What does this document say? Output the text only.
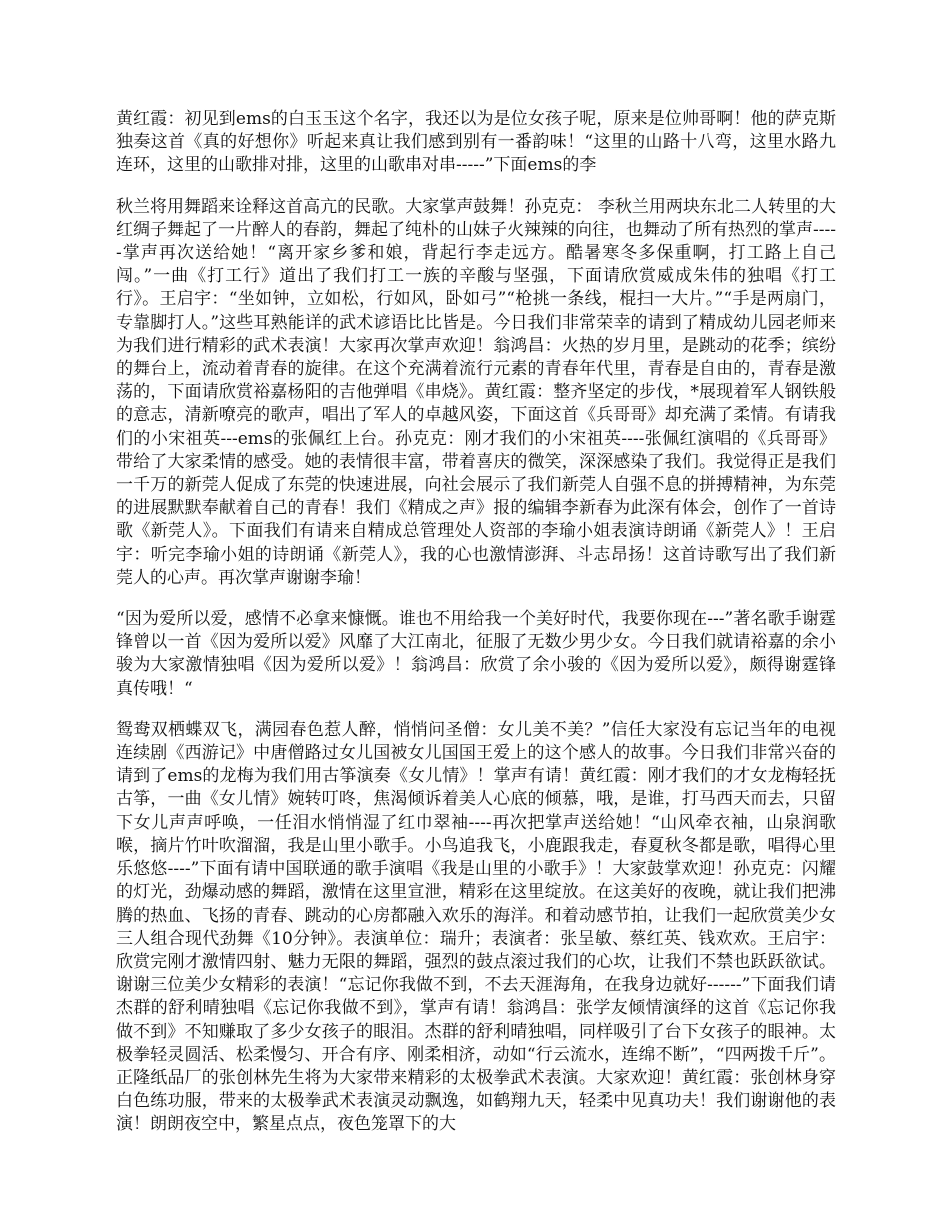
黄红霞：初见到ems的白玉玉这个名字，我还以为是位女孩子呢，原来是位帅哥啊！他的萨克斯独奏这首《真的好想你》听起来真让我们感到别有一番韵味！“这里的山路十八弯，这里水路九连环，这里的山歌排对排，这里的山歌串对串-----”下面ems的李

秋兰将用舞蹈来诠释这首高亢的民歌。大家掌声鼓舞！孙克克： 李秋兰用两块东北二人转里的大红绸子舞起了一片醉人的春韵，舞起了纯朴的山妹子火辣辣的向往，也舞动了所有热烈的掌声-----掌声再次送给她！“离开家乡爹和娘，背起行李走远方。酷暑寒冬多保重啊，打工路上自己闯。”一曲《打工行》道出了我们打工一族的辛酸与坚强，下面请欣赏威成朱伟的独唱《打工行》。王启宇：“坐如钟，立如松，行如风，卧如弓”“枪挑一条线，棍扫一大片。”“手是两扇门，专靠脚打人。”这些耳熟能详的武术谚语比比皆是。今日我们非常荣幸的请到了精成幼儿园老师来为我们进行精彩的武术表演！大家再次掌声欢迎！翁鸿昌：火热的岁月里，是跳动的花季；缤纷的舞台上，流动着青春的旋律。在这个充满着流行元素的青春年代里，青春是自由的，青春是激荡的，下面请欣赏裕嘉杨阳的吉他弹唱《串烧》。黄红霞：整齐坚定的步伐，*展现着军人钢铁般的意志，清新嘹亮的歌声，唱出了军人的卓越风姿，下面这首《兵哥哥》却充满了柔情。有请我们的小宋祖英---ems的张佩红上台。孙克克：刚才我们的小宋祖英----张佩红演唱的《兵哥哥》带给了大家柔情的感受。她的表情很丰富，带着喜庆的微笑，深深感染了我们。我觉得正是我们一千万的新莞人促成了东莞的快速进展，向社会展示了我们新莞人自强不息的拼搏精神，为东莞的进展默默奉献着自己的青春！我们《精成之声》报的编辑李新春为此深有体会，创作了一首诗歌《新莞人》。下面我们有请来自精成总管理处人资部的李瑜小姐表演诗朗诵《新莞人》！王启宇：听完李瑜小姐的诗朗诵《新莞人》，我的心也激情澎湃、斗志昂扬！这首诗歌写出了我们新莞人的心声。再次掌声谢谢李瑜！

“因为爱所以爱，感情不必拿来慷慨。谁也不用给我一个美好时代，我要你现在---”著名歌手谢霆锋曾以一首《因为爱所以爱》风靡了大江南北，征服了无数少男少女。今日我们就请裕嘉的余小骏为大家激情独唱《因为爱所以爱》！翁鸿昌：欣赏了余小骏的《因为爱所以爱》，颇得谢霆锋真传哦！“

鸳鸯双栖蝶双飞，满园春色惹人醉，悄悄问圣僧：女儿美不美？”信任大家没有忘记当年的电视连续剧《西游记》中唐僧路过女儿国被女儿国国王爱上的这个感人的故事。今日我们非常兴奋的请到了ems的龙梅为我们用古筝演奏《女儿情》！掌声有请！黄红霞：刚才我们的才女龙梅轻抚古筝，一曲《女儿情》婉转叮咚，焦渴倾诉着美人心底的倾慕，哦，是谁，打马西天而去，只留下女儿声声呼唤，一任泪水悄悄湿了红巾翠袖----再次把掌声送给她！“山风牵衣袖，山泉润歌喉，摘片竹叶吹溜溜，我是山里小歌手。小鸟追我飞，小鹿跟我走，春夏秋冬都是歌，唱得心里乐悠悠----”下面有请中国联通的歌手演唱《我是山里的小歌手》！大家鼓掌欢迎！孙克克：闪耀的灯光，劲爆动感的舞蹈，激情在这里宣泄，精彩在这里绽放。在这美好的夜晚，就让我们把沸腾的热血、飞扬的青春、跳动的心房都融入欢乐的海洋。和着动感节拍，让我们一起欣赏美少女三人组合现代劲舞《10分钟》。表演单位：瑞升；表演者：张呈敏、蔡红英、钱欢欢。王启宇：欣赏完刚才激情四射、魅力无限的舞蹈，强烈的鼓点滚过我们的心坎，让我们不禁也跃跃欲试。谢谢三位美少女精彩的表演！“忘记你我做不到，不去天涯海角，在我身边就好------”下面我们请杰群的舒利晴独唱《忘记你我做不到》，掌声有请！翁鸿昌：张学友倾情演绎的这首《忘记你我做不到》不知赚取了多少女孩子的眼泪。杰群的舒利晴独唱，同样吸引了台下女孩子的眼神。太极拳轻灵圆活、松柔慢匀、开合有序、刚柔相济，动如“行云流水，连绵不断”，“四两拨千斤”。正隆纸品厂的张创林先生将为大家带来精彩的太极拳武术表演。大家欢迎！黄红霞：张创林身穿白色练功服，带来的太极拳武术表演灵动飘逸，如鹤翔九天，轻柔中见真功夫！我们谢谢他的表演！朗朗夜空中，繁星点点，夜色笼罩下的大
